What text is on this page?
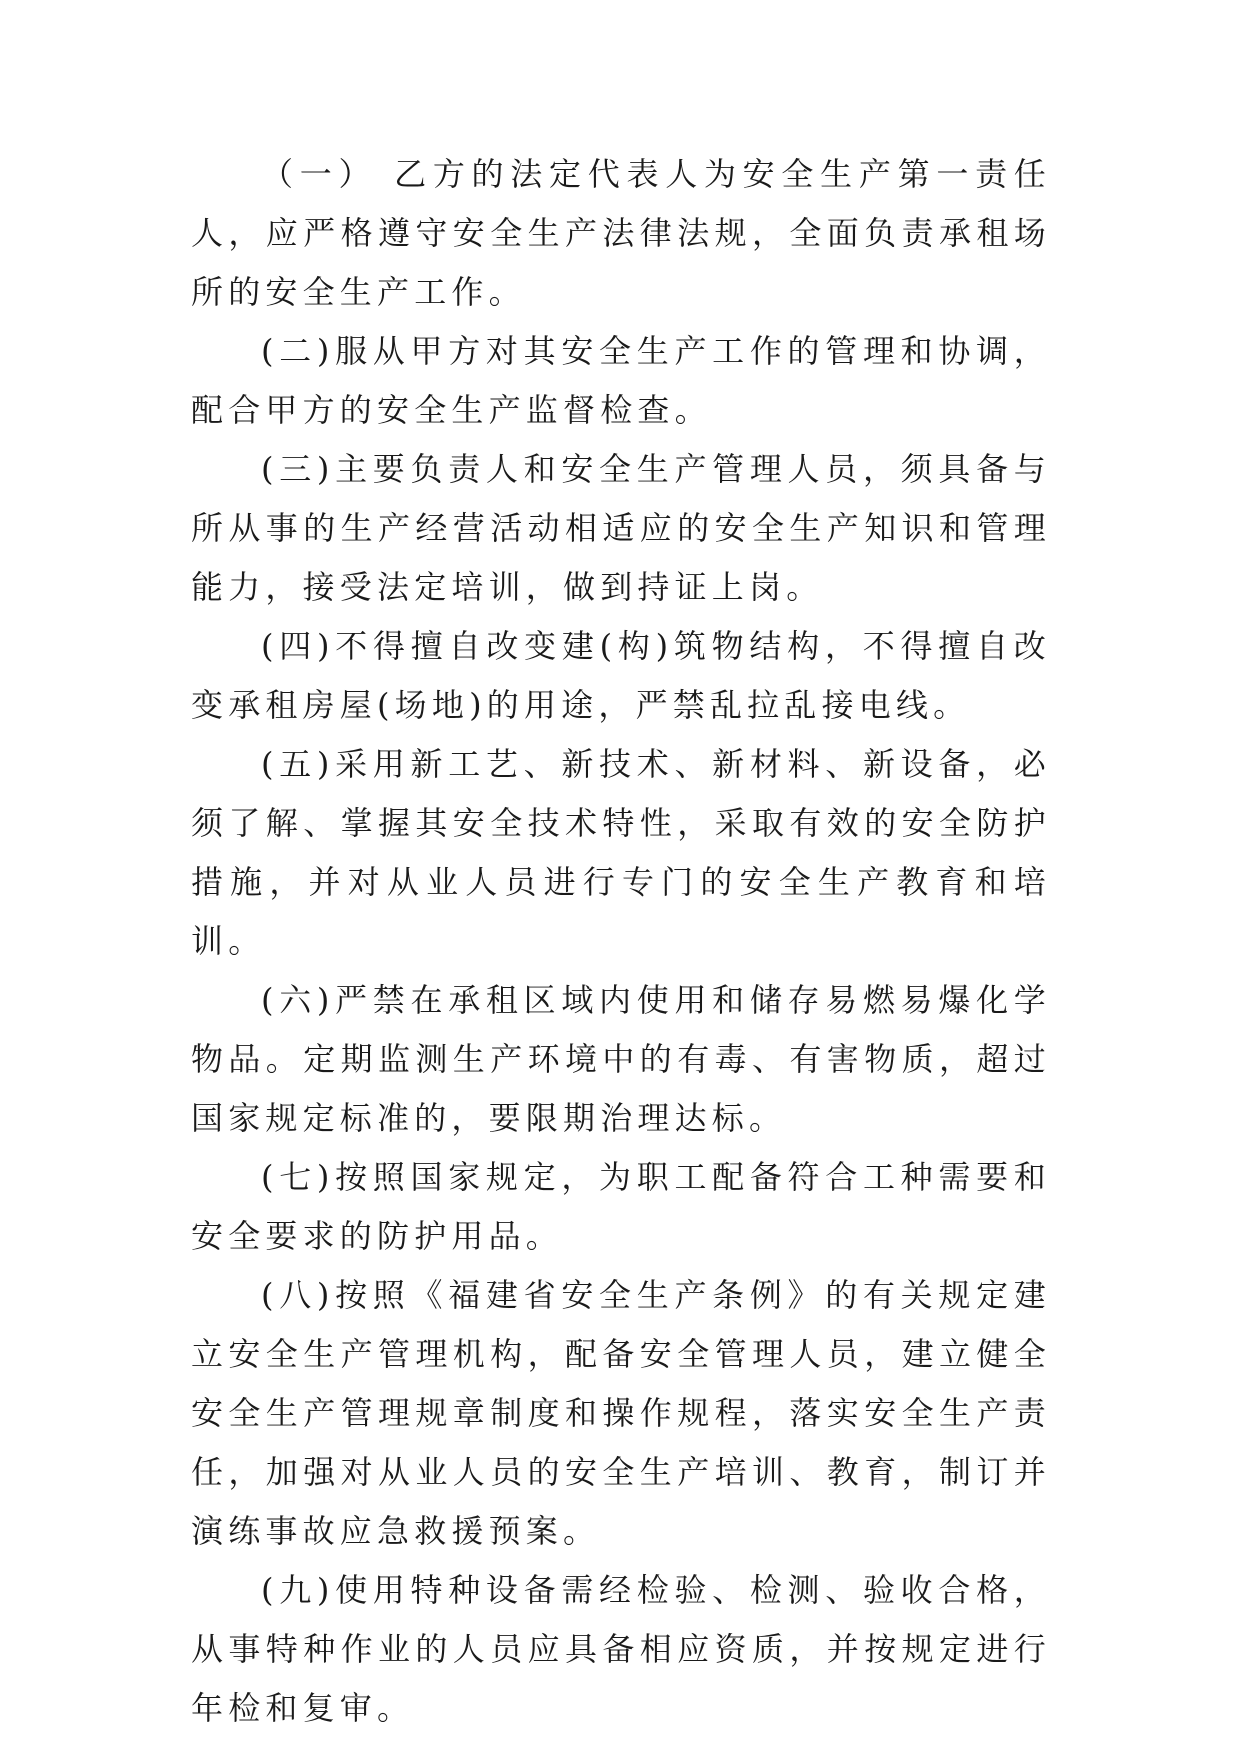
（一） 乙方的法定代表人为安全生产第一责任人，应严格遵守安全生产法律法规，全面负责承租场所的安全生产工作。

(二)服从甲方对其安全生产工作的管理和协调，配合甲方的安全生产监督检查。

(三)主要负责人和安全生产管理人员，须具备与所从事的生产经营活动相适应的安全生产知识和管理能力，接受法定培训，做到持证上岗。

(四)不得擅自改变建(构)筑物结构，不得擅自改变承租房屋(场地)的用途，严禁乱拉乱接电线。

(五)采用新工艺、新技术、新材料、新设备，必须了解、掌握其安全技术特性，采取有效的安全防护措施，并对从业人员进行专门的安全生产教育和培训。

(六)严禁在承租区域内使用和储存易燃易爆化学物品。定期监测生产环境中的有毒、有害物质，超过国家规定标准的，要限期治理达标。

(七)按照国家规定，为职工配备符合工种需要和安全要求的防护用品。

(八)按照《福建省安全生产条例》的有关规定建立安全生产管理机构，配备安全管理人员，建立健全安全生产管理规章制度和操作规程，落实安全生产责任，加强对从业人员的安全生产培训、教育，制订并演练事故应急救援预案。

(九)使用特种设备需经检验、检测、验收合格，从事特种作业的人员应具备相应资质，并按规定进行年检和复审。
